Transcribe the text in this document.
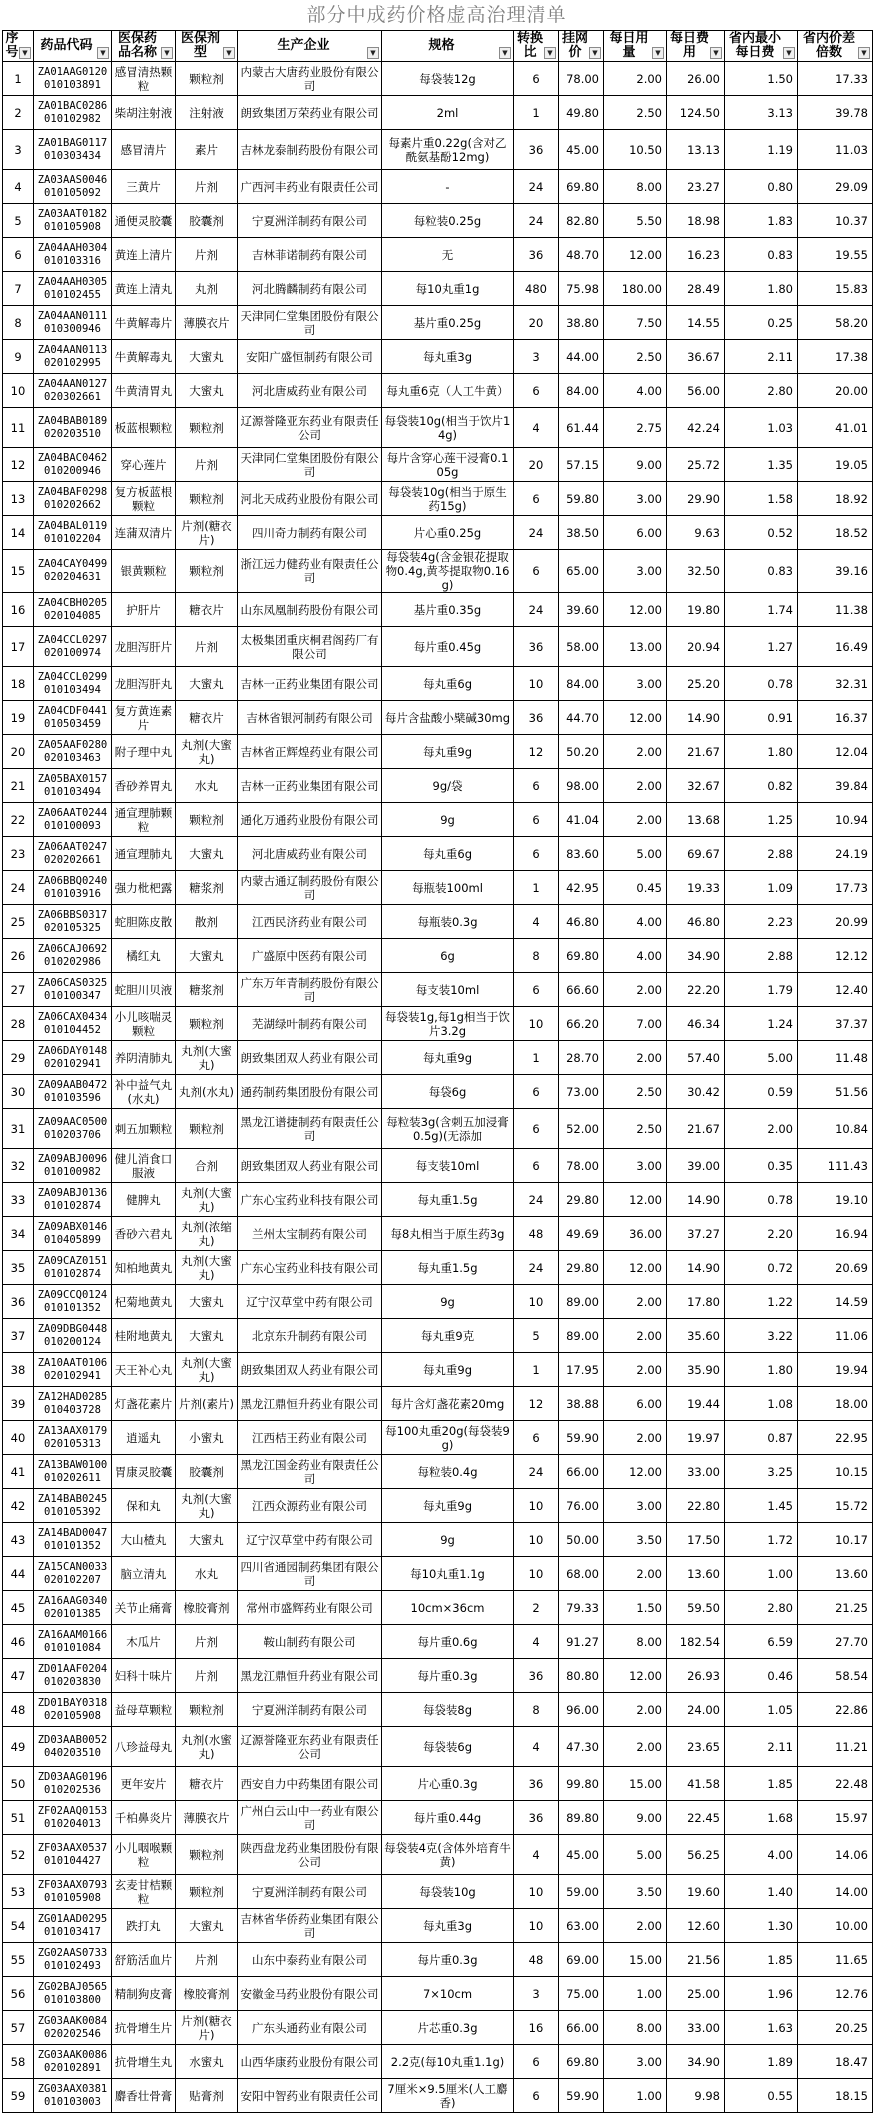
部分中成药价格虚高治理清单
序号 ▼	药品代码 ▼	医保药品名称 ▼	医保剂型 ▼	生产企业 ▼	规格 ▼	转换比 ▼	挂网价 ▼	每日用量 ▼	每日费用 ▼	省内最小每日费 ▼	省内价差倍数 ▼

1	ZA01AAG0120010103891	感冒清热颗粒	颗粒剂	内蒙古大唐药业股份有限公司	每袋装12g	6	78.00	2.00	26.00	1.50	17.33
2	ZA01BAC0286010102982	柴胡注射液	注射液	朗致集团万荣药业有限公司	2ml	1	49.80	2.50	124.50	3.13	39.78
3	ZA01BAG0117010303434	感冒清片	素片	吉林龙泰制药股份有限公司	每素片重0.22g(含对乙酰氨基酚12mg)	36	45.00	10.50	13.13	1.19	11.03
4	ZA03AAS0046010105092	三黄片	片剂	广西河丰药业有限责任公司	-	24	69.80	8.00	23.27	0.80	29.09
5	ZA03AAT0182010105908	通便灵胶囊	胶囊剂	宁夏洲洋制药有限公司	每粒装0.25g	24	82.80	5.50	18.98	1.83	10.37
6	ZA04AAH0304010103316	黄连上清片	片剂	吉林菲诺制药有限公司	无	36	48.70	12.00	16.23	0.83	19.55
7	ZA04AAH0305010102455	黄连上清丸	丸剂	河北腾麟制药有限公司	每10丸重1g	480	75.98	180.00	28.49	1.80	15.83
8	ZA04AAN0111010300946	牛黄解毒片	薄膜衣片	天津同仁堂集团股份有限公司	基片重0.25g	20	38.80	7.50	14.55	0.25	58.20
9	ZA04AAN0113020102995	牛黄解毒丸	大蜜丸	安阳广盛恒制药有限公司	每丸重3g	3	44.00	2.50	36.67	2.11	17.38
10	ZA04AAN0127020302661	牛黄清胃丸	大蜜丸	河北唐威药业有限公司	每丸重6克（人工牛黄）	6	84.00	4.00	56.00	2.80	20.00
11	ZA04BAB0189020203510	板蓝根颗粒	颗粒剂	辽源誉隆亚东药业有限责任公司	每袋装10g(相当于饮片14g)	4	61.44	2.75	42.24	1.03	41.01
12	ZA04BAC0462010200946	穿心莲片	片剂	天津同仁堂集团股份有限公司	每片含穿心莲干浸膏0.105g	20	57.15	9.00	25.72	1.35	19.05
13	ZA04BAF0298010202662	复方板蓝根颗粒	颗粒剂	河北天成药业股份有限公司	每袋装10g(相当于原生药15g)	6	59.80	3.00	29.90	1.58	18.92
14	ZA04BAL0119010102204	连蒲双清片	片剂(糖衣片)	四川奇力制药有限公司	片心重0.25g	24	38.50	6.00	9.63	0.52	18.52
15	ZA04CAY0499020204631	银黄颗粒	颗粒剂	浙江远力健药业有限责任公司	每袋装4g(含金银花提取物0.4g,黄芩提取物0.16g)	6	65.00	3.00	32.50	0.83	39.16
16	ZA04CBH0205020104085	护肝片	糖衣片	山东凤凰制药股份有限公司	基片重0.35g	24	39.60	12.00	19.80	1.74	11.38
17	ZA04CCL0297020100974	龙胆泻肝片	片剂	太极集团重庆桐君阁药厂有限公司	每片重0.45g	36	58.00	13.00	20.94	1.27	16.49
18	ZA04CCL0299010103494	龙胆泻肝丸	大蜜丸	吉林一正药业集团有限公司	每丸重6g	10	84.00	3.00	25.20	0.78	32.31
19	ZA04CDF0441010503459	复方黄连素片	糖衣片	吉林省银河制药有限公司	每片含盐酸小檗碱30mg	36	44.70	12.00	14.90	0.91	16.37
20	ZA05AAF0280020103463	附子理中丸	丸剂(大蜜丸)	吉林省正辉煌药业有限公司	每丸重9g	12	50.20	2.00	21.67	1.80	12.04
21	ZA05BAX0157010103494	香砂养胃丸	水丸	吉林一正药业集团有限公司	9g/袋	6	98.00	2.00	32.67	0.82	39.84
22	ZA06AAT0244010100093	通宣理肺颗粒	颗粒剂	通化万通药业股份有限公司	9g	6	41.04	2.00	13.68	1.25	10.94
23	ZA06AAT0247020202661	通宣理肺丸	大蜜丸	河北唐威药业有限公司	每丸重6g	6	83.60	5.00	69.67	2.88	24.19
24	ZA06BBQ0240010103916	强力枇杷露	糖浆剂	内蒙古通辽制药股份有限公司	每瓶装100ml	1	42.95	0.45	19.33	1.09	17.73
25	ZA06BBS0317020105325	蛇胆陈皮散	散剂	江西民济药业有限公司	每瓶装0.3g	4	46.80	4.00	46.80	2.23	20.99
26	ZA06CAJ0692010202986	橘红丸	大蜜丸	广盛原中医药有限公司	6g	8	69.80	4.00	34.90	2.88	12.12
27	ZA06CAS0325010100347	蛇胆川贝液	糖浆剂	广东万年青制药股份有限公司	每支装10ml	6	66.60	2.00	22.20	1.79	12.40
28	ZA06CAX0434010104452	小儿咳喘灵颗粒	颗粒剂	芜湖绿叶制药有限公司	每袋装1g,每1g相当于饮片3.2g	10	66.20	7.00	46.34	1.24	37.37
29	ZA06DAY0148020102941	养阴清肺丸	丸剂(大蜜丸)	朗致集团双人药业有限公司	每丸重9g	1	28.70	2.00	57.40	5.00	11.48
30	ZA09AAB0472010103596	补中益气丸(水丸)	丸剂(水丸)	通药制药集团股份有限公司	每袋6g	6	73.00	2.50	30.42	0.59	51.56
31	ZA09AAC0500010203706	刺五加颗粒	颗粒剂	黑龙江谱捷制药有限责任公司	每粒装3g(含刺五加浸膏0.5g)(无添加	6	52.00	2.50	21.67	2.00	10.84
32	ZA09ABJ0096010100982	健儿消食口服液	合剂	朗致集团双人药业有限公司	每支装10ml	6	78.00	3.00	39.00	0.35	111.43
33	ZA09ABJ0136010102874	健脾丸	丸剂(大蜜丸)	广东心宝药业科技有限公司	每丸重1.5g	24	29.80	12.00	14.90	0.78	19.10
34	ZA09ABX0146010405899	香砂六君丸	丸剂(浓缩丸)	兰州太宝制药有限公司	每8丸相当于原生药3g	48	49.69	36.00	37.27	2.20	16.94
35	ZA09CAZ0151010102874	知柏地黄丸	丸剂(大蜜丸)	广东心宝药业科技有限公司	每丸重1.5g	24	29.80	12.00	14.90	0.72	20.69
36	ZA09CCQ0124010101352	杞菊地黄丸	大蜜丸	辽宁汉草堂中药有限公司	9g	10	89.00	2.00	17.80	1.22	14.59
37	ZA09DBG0448010200124	桂附地黄丸	大蜜丸	北京东升制药有限公司	每丸重9克	5	89.00	2.00	35.60	3.22	11.06
38	ZA10AAT0106020102941	天王补心丸	丸剂(大蜜丸)	朗致集团双人药业有限公司	每丸重9g	1	17.95	2.00	35.90	1.80	19.94
39	ZA12HAD0285010403728	灯盏花素片	片剂(素片)	黑龙江鼎恒升药业有限公司	每片含灯盏花素20mg	12	38.88	6.00	19.44	1.08	18.00
40	ZA13AAX0179020105313	逍遥丸	小蜜丸	江西桔王药业有限公司	每100丸重20g(每袋装9g)	6	59.90	2.00	19.97	0.87	22.95
41	ZA13BAW0100010202611	胃康灵胶囊	胶囊剂	黑龙江国金药业有限责任公司	每粒装0.4g	24	66.00	12.00	33.00	3.25	10.15
42	ZA14BAB0245010105392	保和丸	丸剂(大蜜丸)	江西众源药业有限公司	每丸重9g	10	76.00	3.00	22.80	1.45	15.72
43	ZA14BAD0047010101352	大山楂丸	大蜜丸	辽宁汉草堂中药有限公司	9g	10	50.00	3.50	17.50	1.72	10.17
44	ZA15CAN0033020102207	脑立清丸	水丸	四川省通园制药集团有限公司	每10丸重1.1g	10	68.00	2.00	13.60	1.00	13.60
45	ZA16AAG0340020101385	关节止痛膏	橡胶膏剂	常州市盛辉药业有限公司	10cm×36cm	2	79.33	1.50	59.50	2.80	21.25
46	ZA16AAM0166010101084	木瓜片	片剂	鞍山制药有限公司	每片重0.6g	4	91.27	8.00	182.54	6.59	27.70
47	ZD01AAF0204010203830	妇科十味片	片剂	黑龙江鼎恒升药业有限公司	每片重0.3g	36	80.80	12.00	26.93	0.46	58.54
48	ZD01BAY0318020105908	益母草颗粒	颗粒剂	宁夏洲洋制药有限公司	每袋装8g	8	96.00	2.00	24.00	1.05	22.86
49	ZD03AAB0052040203510	八珍益母丸	丸剂(水蜜丸)	辽源誉隆亚东药业有限责任公司	每袋装6g	4	47.30	2.00	23.65	2.11	11.21
50	ZD03AAG0196010202536	更年安片	糖衣片	西安自力中药集团有限公司	片心重0.3g	36	99.80	15.00	41.58	1.85	22.48
51	ZF02AAQ0153010204013	千柏鼻炎片	薄膜衣片	广州白云山中一药业有限公司	每片重0.44g	36	89.80	9.00	22.45	1.68	15.97
52	ZF03AAX0537010104427	小儿咽喉颗粒	颗粒剂	陕西盘龙药业集团股份有限公司	每袋装4克(含体外培育牛黄)	4	45.00	5.00	56.25	4.00	14.06
53	ZF03AAX0793010105908	玄麦甘桔颗粒	颗粒剂	宁夏洲洋制药有限公司	每袋装10g	10	59.00	3.50	19.60	1.40	14.00
54	ZG01AAD0295010103417	跌打丸	大蜜丸	吉林省华侨药业集团有限公司	每丸重3g	10	63.00	2.00	12.60	1.30	10.00
55	ZG02AAS0733010102493	舒筋活血片	片剂	山东中泰药业有限公司	每片重0.3g	48	69.00	15.00	21.56	1.85	11.65
56	ZG02BAJ0565010103800	精制狗皮膏	橡胶膏剂	安徽金马药业股份有限公司	7×10cm	3	75.00	1.00	25.00	1.96	12.76
57	ZG03AAK0084020202546	抗骨增生片	片剂(糖衣片)	广东头通药业有限公司	片芯重0.3g	16	66.00	8.00	33.00	1.63	20.25
58	ZG03AAK0086020102891	抗骨增生丸	水蜜丸	山西华康药业股份有限公司	2.2克(每10丸重1.1g)	6	69.80	3.00	34.90	1.89	18.47
59	ZG03AAX0381010103003	麝香壮骨膏	贴膏剂	安阳中智药业有限责任公司	7厘米×9.5厘米(人工麝香)	6	59.90	1.00	9.98	0.55	18.15
